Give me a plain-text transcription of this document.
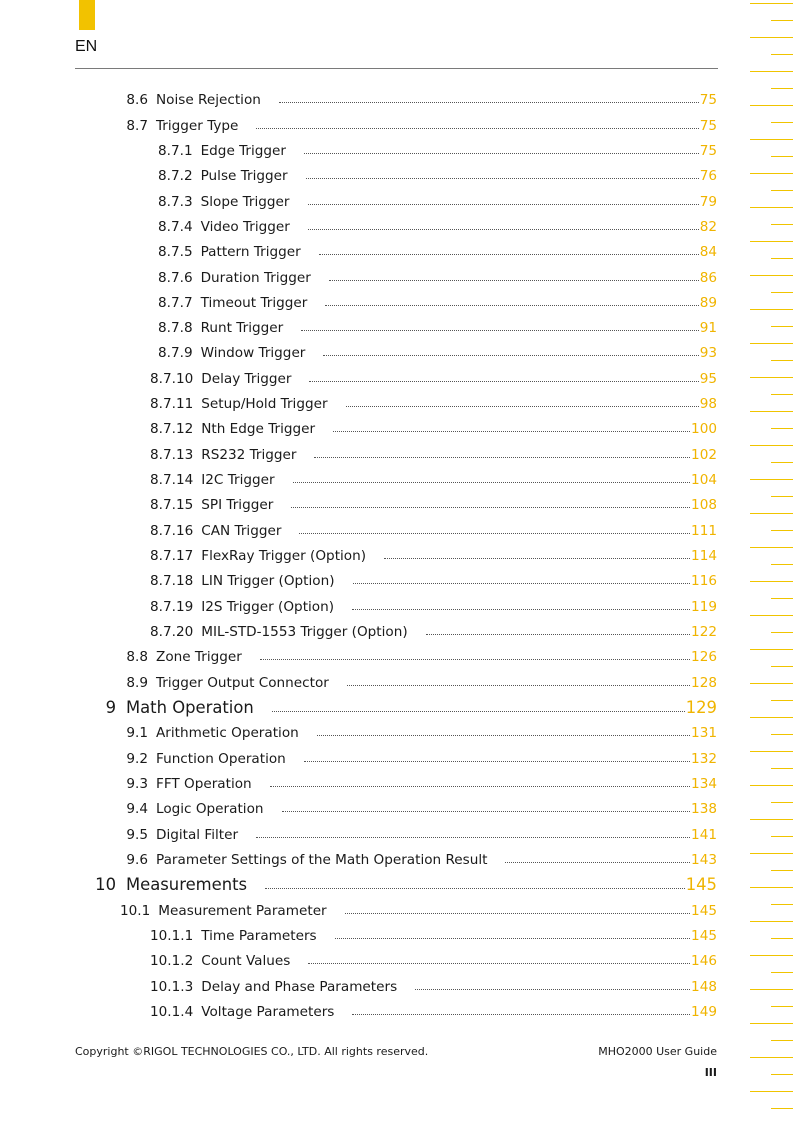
EN
8.6 Noise Rejection	75
8.7 Trigger Type	75
8.7.1 Edge Trigger	75
8.7.2 Pulse Trigger	76
8.7.3 Slope Trigger	79
8.7.4 Video Trigger	82
8.7.5 Pattern Trigger	84
8.7.6 Duration Trigger	86
8.7.7 Timeout Trigger	89
8.7.8 Runt Trigger	91
8.7.9 Window Trigger	93
8.7.10 Delay Trigger	95
8.7.11 Setup/Hold Trigger	98
8.7.12 Nth Edge Trigger	100
8.7.13 RS232 Trigger	102
8.7.14 I2C Trigger	104
8.7.15 SPI Trigger	108
8.7.16 CAN Trigger	111
8.7.17 FlexRay Trigger (Option)	114
8.7.18 LIN Trigger (Option)	116
8.7.19 I2S Trigger (Option)	119
8.7.20 MIL-STD-1553 Trigger (Option)	122
8.8 Zone Trigger	126
8.9 Trigger Output Connector	128
9 Math Operation	129
9.1 Arithmetic Operation	131
9.2 Function Operation	132
9.3 FFT Operation	134
9.4 Logic Operation	138
9.5 Digital Filter	141
9.6 Parameter Settings of the Math Operation Result	143
10 Measurements	145
10.1 Measurement Parameter	145
10.1.1 Time Parameters	145
10.1.2 Count Values	146
10.1.3 Delay and Phase Parameters	148
10.1.4 Voltage Parameters	149
Copyright ©RIGOL TECHNOLOGIES CO., LTD. All rights reserved.	MHO2000 User Guide
III
